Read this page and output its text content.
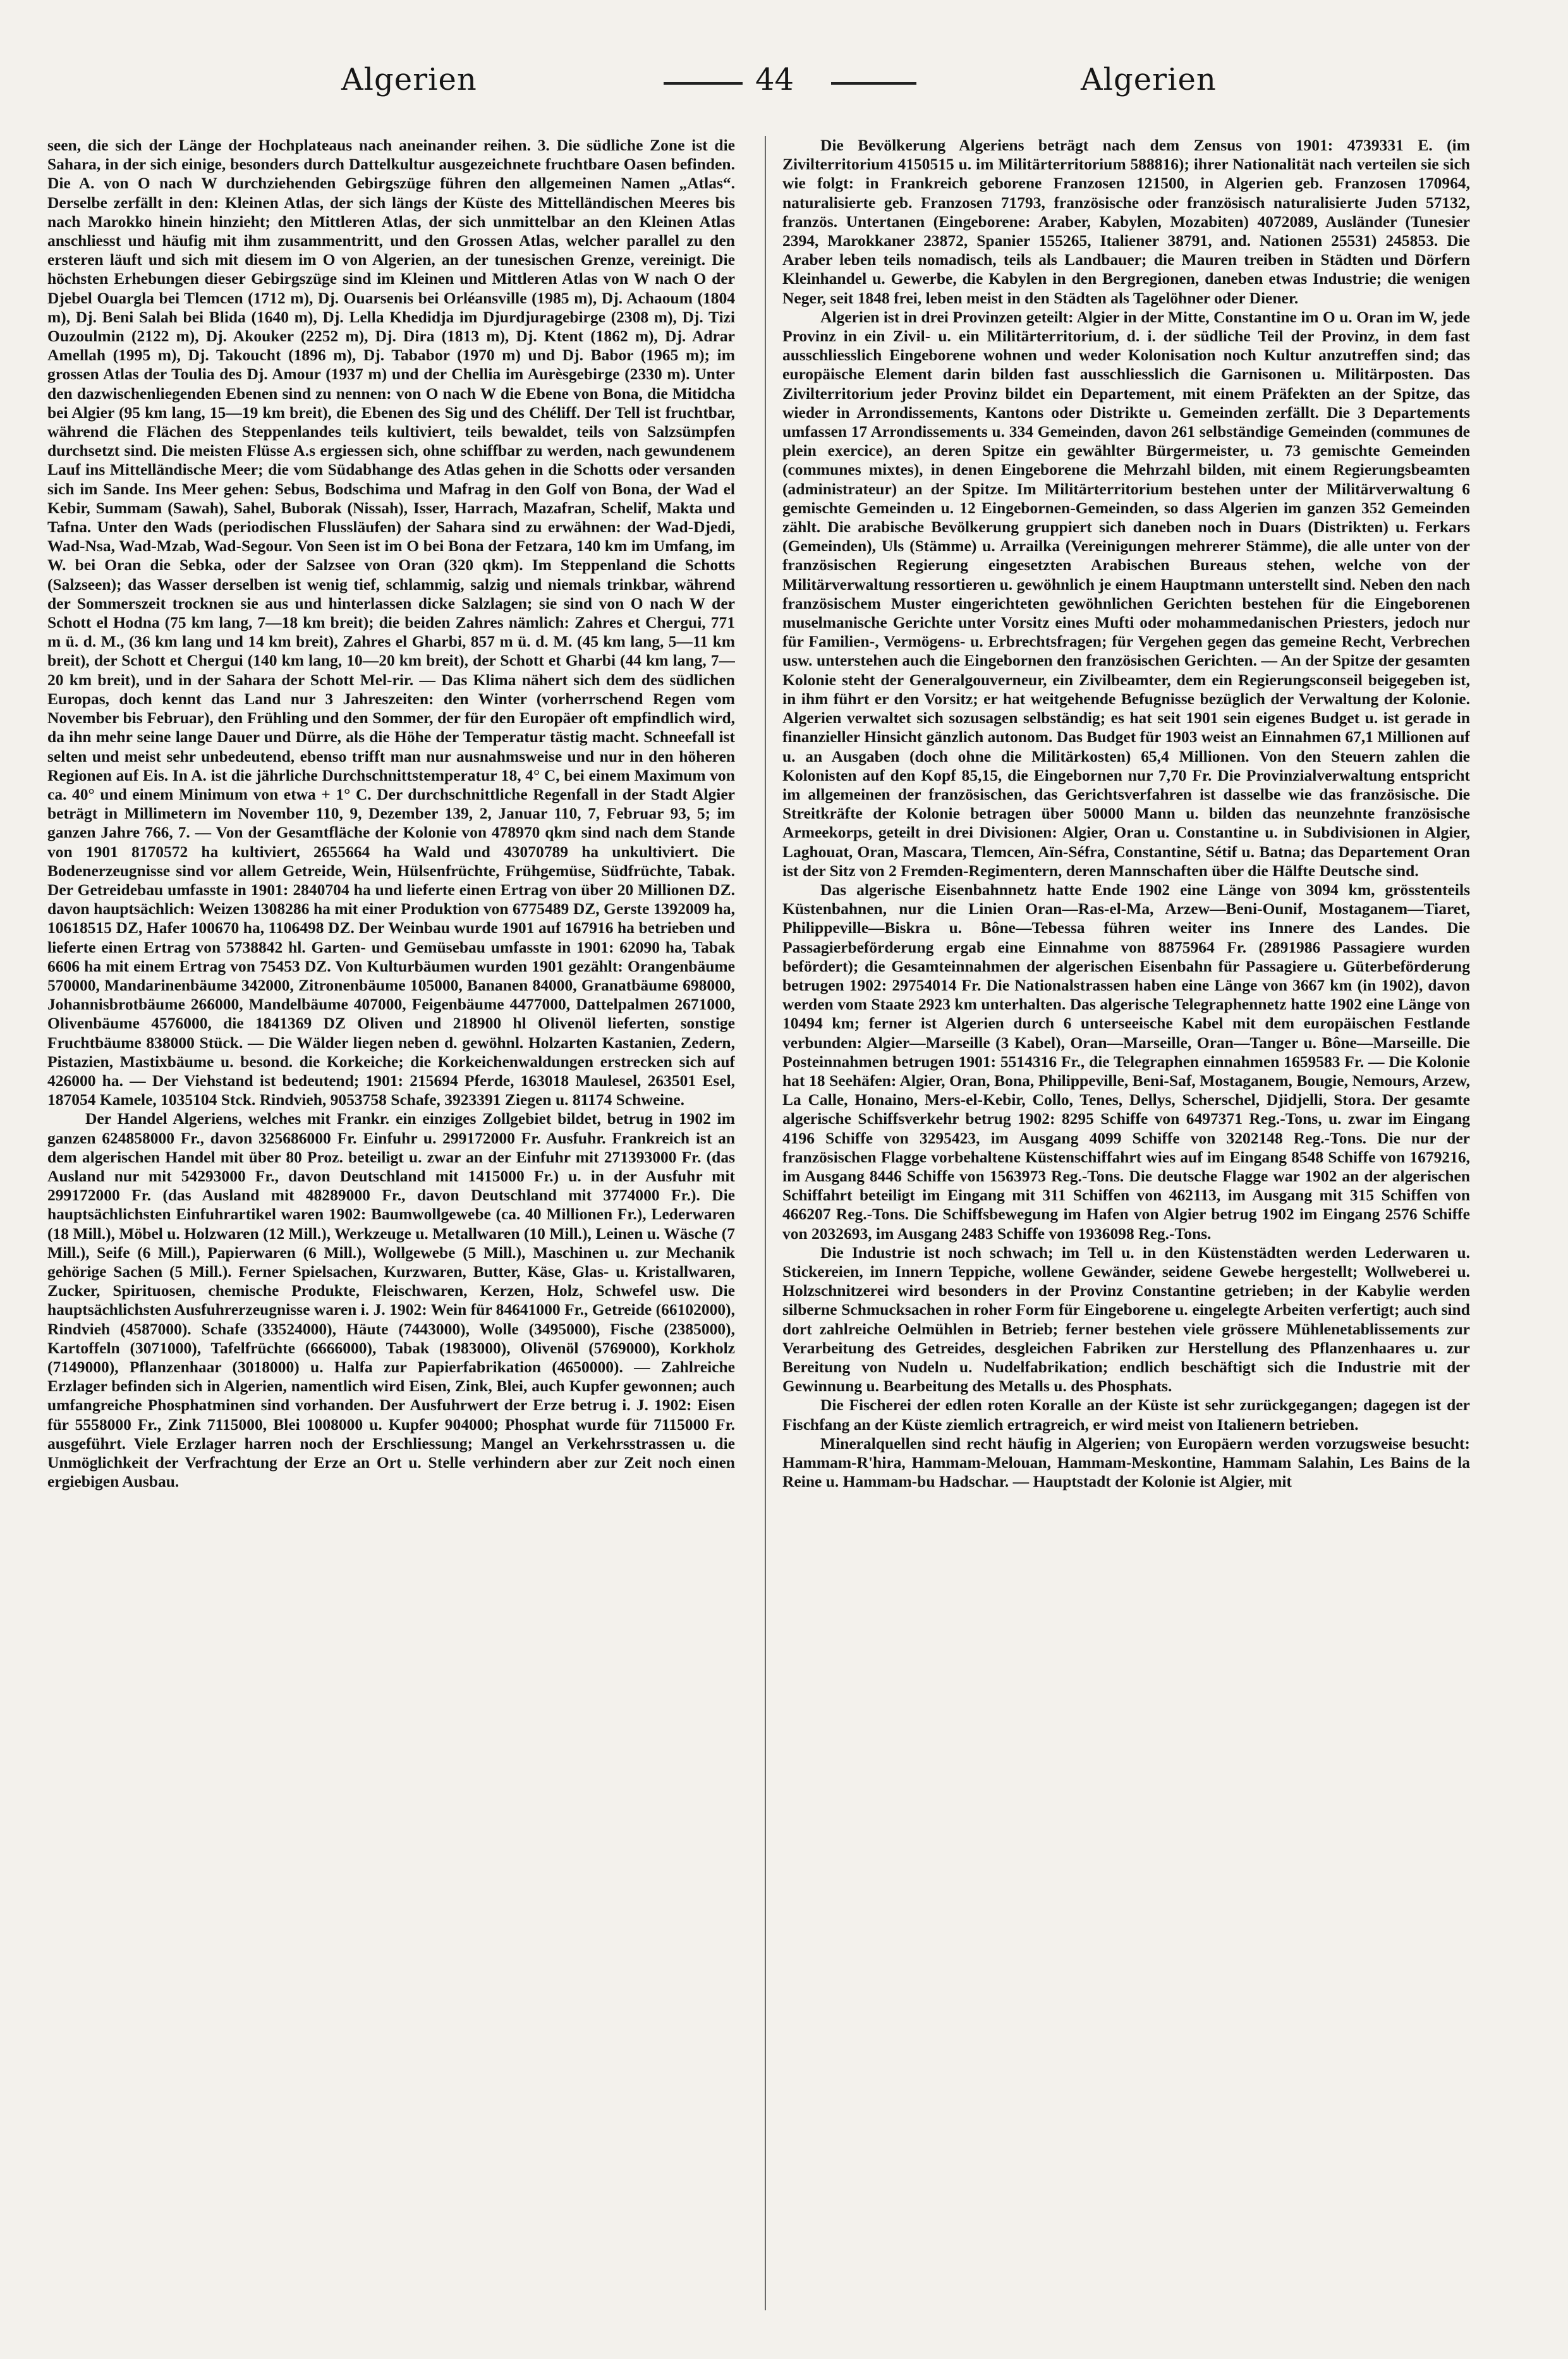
Algerien	44	Algerien

seen, die sich der Länge der Hochplateaus nach aneinander reihen. 3. Die südliche Zone ist die Sahara, in der sich einige, besonders durch Dattelkultur ausgezeichnete fruchtbare Oasen befinden. Die A. von O nach W durchziehenden Gebirgszüge führen den allgemeinen Namen „Atlas“. Derselbe zerfällt in den: Kleinen Atlas, der sich längs der Küste des Mittelländischen Meeres bis nach Marokko hinein hinzieht; den Mittleren Atlas, der sich unmittelbar an den Kleinen Atlas anschliesst und häufig mit ihm zusammentritt, und den Grossen Atlas, welcher parallel zu den ersteren läuft und sich mit diesem im O von Algerien, an der tunesischen Grenze, vereinigt. Die höchsten Erhebungen dieser Gebirgszüge sind im Kleinen und Mittleren Atlas von W nach O der Djebel Ouargla bei Tlemcen (1712 m), Dj. Ouarsenis bei Orléansville (1985 m), Dj. Achaoum (1804 m), Dj. Beni Salah bei Blida (1640 m), Dj. Lella Khedidja im Djurdjuragebirge (2308 m), Dj. Tizi Ouzoulmin (2122 m), Dj. Akouker (2252 m), Dj. Dira (1813 m), Dj. Ktent (1862 m), Dj. Adrar Amellah (1995 m), Dj. Takoucht (1896 m), Dj. Tababor (1970 m) und Dj. Babor (1965 m); im grossen Atlas der Toulia des Dj. Amour (1937 m) und der Chellia im Aurèsgebirge (2330 m). Unter den dazwischenliegenden Ebenen sind zu nennen: von O nach W die Ebene von Bona, die Mitidcha bei Algier (95 km lang, 15—19 km breit), die Ebenen des Sig und des Chéliff. Der Tell ist fruchtbar, während die Flächen des Steppenlandes teils kultiviert, teils bewaldet, teils von Salzsümpfen durchsetzt sind. Die meisten Flüsse A.s ergiessen sich, ohne schiffbar zu werden, nach gewundenem Lauf ins Mittelländische Meer; die vom Südabhange des Atlas gehen in die Schotts oder versanden sich im Sande. Ins Meer gehen: Sebus, Bodschima und Mafrag in den Golf von Bona, der Wad el Kebir, Summam (Sawah), Sahel, Buborak (Nissah), Isser, Harrach, Mazafran, Schelif, Makta und Tafna. Unter den Wads (periodischen Flussläufen) der Sahara sind zu erwähnen: der Wad-Djedi, Wad-Nsa, Wad-Mzab, Wad-Segour. Von Seen ist im O bei Bona der Fetzara, 140 km im Umfang, im W. bei Oran die Sebka, oder der Salzsee von Oran (320 qkm). Im Steppenland die Schotts (Salzseen); das Wasser derselben ist wenig tief, schlammig, salzig und niemals trinkbar, während der Sommerszeit trocknen sie aus und hinterlassen dicke Salzlagen; sie sind von O nach W der Schott el Hodna (75 km lang, 7—18 km breit); die beiden Zahres nämlich: Zahres et Chergui, 771 m ü. d. M., (36 km lang und 14 km breit), Zahres el Gharbi, 857 m ü. d. M. (45 km lang, 5—11 km breit), der Schott et Chergui (140 km lang, 10—20 km breit), der Schott et Gharbi (44 km lang, 7—20 km breit), und in der Sahara der Schott Mel-rir. — Das Klima nähert sich dem des südlichen Europas, doch kennt das Land nur 3 Jahreszeiten: den Winter (vorherrschend Regen vom November bis Februar), den Frühling und den Sommer, der für den Europäer oft empfindlich wird, da ihn mehr seine lange Dauer und Dürre, als die Höhe der Temperatur tästig macht. Schneefall ist selten und meist sehr unbedeutend, ebenso trifft man nur ausnahmsweise und nur in den höheren Regionen auf Eis. In A. ist die jährliche Durchschnittstemperatur 18, 4° C, bei einem Maximum von ca. 40° und einem Minimum von etwa + 1° C. Der durchschnittliche Regenfall in der Stadt Algier beträgt in Millimetern im November 110, 9, Dezember 139, 2, Januar 110, 7, Februar 93, 5; im ganzen Jahre 766, 7. — Von der Gesamtfläche der Kolonie von 478970 qkm sind nach dem Stande von 1901 8170572 ha kultiviert, 2655664 ha Wald und 43070789 ha unkultiviert. Die Bodenerzeugnisse sind vor allem Getreide, Wein, Hülsenfrüchte, Frühgemüse, Südfrüchte, Tabak. Der Getreidebau umfasste in 1901: 2840704 ha und lieferte einen Ertrag von über 20 Millionen DZ. davon hauptsächlich: Weizen 1308286 ha mit einer Produktion von 6775489 DZ, Gerste 1392009 ha, 10618515 DZ, Hafer 100670 ha, 1106498 DZ. Der Weinbau wurde 1901 auf 167916 ha betrieben und lieferte einen Ertrag von 5738842 hl. Garten- und Gemüsebau umfasste in 1901: 62090 ha, Tabak 6606 ha mit einem Ertrag von 75453 DZ. Von Kulturbäumen wurden 1901 gezählt: Orangenbäume 570000, Mandarinenbäume 342000, Zitronenbäume 105000, Bananen 84000, Granatbäume 698000, Johannisbrotbäume 266000, Mandelbäume 407000, Feigenbäume 4477000, Dattelpalmen 2671000, Olivenbäume 4576000, die 1841369 DZ Oliven und 218900 hl Olivenöl lieferten, sonstige Fruchtbäume 838000 Stück. — Die Wälder liegen neben d. gewöhnl. Holzarten Kastanien, Zedern, Pistazien, Mastixbäume u. besond. die Korkeiche; die Korkeichenwaldungen erstrecken sich auf 426000 ha. — Der Viehstand ist bedeutend; 1901: 215694 Pferde, 163018 Maulesel, 263501 Esel, 187054 Kamele, 1035104 Stck. Rindvieh, 9053758 Schafe, 3923391 Ziegen u. 81174 Schweine.

Der Handel Algeriens, welches mit Frankr. ein einziges Zollgebiet bildet, betrug in 1902 im ganzen 624858000 Fr., davon 325686000 Fr. Einfuhr u. 299172000 Fr. Ausfuhr. Frankreich ist an dem algerischen Handel mit über 80 Proz. beteiligt u. zwar an der Einfuhr mit 271393000 Fr. (das Ausland nur mit 54293000 Fr., davon Deutschland mit 1415000 Fr.) u. in der Ausfuhr mit 299172000 Fr. (das Ausland mit 48289000 Fr., davon Deutschland mit 3774000 Fr.). Die hauptsächlichsten Einfuhrartikel waren 1902: Baumwollgewebe (ca. 40 Millionen Fr.), Lederwaren (18 Mill.), Möbel u. Holzwaren (12 Mill.), Werkzeuge u. Metallwaren (10 Mill.), Leinen u. Wäsche (7 Mill.), Seife (6 Mill.), Papierwaren (6 Mill.), Wollgewebe (5 Mill.), Maschinen u. zur Mechanik gehörige Sachen (5 Mill.). Ferner Spielsachen, Kurzwaren, Butter, Käse, Glas- u. Kristallwaren, Zucker, Spirituosen, chemische Produkte, Fleischwaren, Kerzen, Holz, Schwefel usw. Die hauptsächlichsten Ausfuhrerzeugnisse waren i. J. 1902: Wein für 84641000 Fr., Getreide (66102000), Rindvieh (4587000). Schafe (33524000), Häute (7443000), Wolle (3495000), Fische (2385000), Kartoffeln (3071000), Tafelfrüchte (6666000), Tabak (1983000), Olivenöl (5769000), Korkholz (7149000), Pflanzenhaar (3018000) u. Halfa zur Papierfabrikation (4650000). — Zahlreiche Erzlager befinden sich in Algerien, namentlich wird Eisen, Zink, Blei, auch Kupfer gewonnen; auch umfangreiche Phosphatminen sind vorhanden. Der Ausfuhrwert der Erze betrug i. J. 1902: Eisen für 5558000 Fr., Zink 7115000, Blei 1008000 u. Kupfer 904000; Phosphat wurde für 7115000 Fr. ausgeführt. Viele Erzlager harren noch der Erschliessung; Mangel an Verkehrsstrassen u. die Unmöglichkeit der Verfrachtung der Erze an Ort u. Stelle verhindern aber zur Zeit noch einen ergiebigen Ausbau.

Die Bevölkerung Algeriens beträgt nach dem Zensus von 1901: 4739331 E. (im Zivilterritorium 4150515 u. im Militärterritorium 588816); ihrer Nationalität nach verteilen sie sich wie folgt: in Frankreich geborene Franzosen 121500, in Algerien geb. Franzosen 170964, naturalisierte geb. Franzosen 71793, französische oder französisch naturalisierte Juden 57132, französ. Untertanen (Eingeborene: Araber, Kabylen, Mozabiten) 4072089, Ausländer (Tunesier 2394, Marokkaner 23872, Spanier 155265, Italiener 38791, and. Nationen 25531) 245853. Die Araber leben teils nomadisch, teils als Landbauer; die Mauren treiben in Städten und Dörfern Kleinhandel u. Gewerbe, die Kabylen in den Bergregionen, daneben etwas Industrie; die wenigen Neger, seit 1848 frei, leben meist in den Städten als Tagelöhner oder Diener.

Algerien ist in drei Provinzen geteilt: Algier in der Mitte, Constantine im O u. Oran im W, jede Provinz in ein Zivil- u. ein Militärterritorium, d. i. der südliche Teil der Provinz, in dem fast ausschliesslich Eingeborene wohnen und weder Kolonisation noch Kultur anzutreffen sind; das europäische Element darin bilden fast ausschliesslich die Garnisonen u. Militärposten. Das Zivilterritorium jeder Provinz bildet ein Departement, mit einem Präfekten an der Spitze, das wieder in Arrondissements, Kantons oder Distrikte u. Gemeinden zerfällt. Die 3 Departements umfassen 17 Arrondissements u. 334 Gemeinden, davon 261 selbständige Gemeinden (communes de plein exercice), an deren Spitze ein gewählter Bürgermeister, u. 73 gemischte Gemeinden (communes mixtes), in denen Eingeborene die Mehrzahl bilden, mit einem Regierungsbeamten (administrateur) an der Spitze. Im Militärterritorium bestehen unter der Militärverwaltung 6 gemischte Gemeinden u. 12 Eingebornen-Gemeinden, so dass Algerien im ganzen 352 Gemeinden zählt. Die arabische Bevölkerung gruppiert sich daneben noch in Duars (Distrikten) u. Ferkars (Gemeinden), Uls (Stämme) u. Arrailka (Vereinigungen mehrerer Stämme), die alle unter von der französischen Regierung eingesetzten Arabischen Bureaus stehen, welche von der Militärverwaltung ressortieren u. gewöhnlich je einem Hauptmann unterstellt sind. Neben den nach französischem Muster eingerichteten gewöhnlichen Gerichten bestehen für die Eingeborenen muselmanische Gerichte unter Vorsitz eines Mufti oder mohammedanischen Priesters, jedoch nur für Familien-, Vermögens- u. Erbrechtsfragen; für Vergehen gegen das gemeine Recht, Verbrechen usw. unterstehen auch die Eingebornen den französischen Gerichten. — An der Spitze der gesamten Kolonie steht der Generalgouverneur, ein Zivilbeamter, dem ein Regierungsconseil beigegeben ist, in ihm führt er den Vorsitz; er hat weitgehende Befugnisse bezüglich der Verwaltung der Kolonie. Algerien verwaltet sich sozusagen selbständig; es hat seit 1901 sein eigenes Budget u. ist gerade in finanzieller Hinsicht gänzlich autonom. Das Budget für 1903 weist an Einnahmen 67,1 Millionen auf u. an Ausgaben (doch ohne die Militärkosten) 65,4 Millionen. Von den Steuern zahlen die Kolonisten auf den Kopf 85,15, die Eingebornen nur 7,70 Fr. Die Provinzialverwaltung entspricht im allgemeinen der französischen, das Gerichtsverfahren ist dasselbe wie das französische. Die Streitkräfte der Kolonie betragen über 50000 Mann u. bilden das neunzehnte französische Armeekorps, geteilt in drei Divisionen: Algier, Oran u. Constantine u. in Subdivisionen in Algier, Laghouat, Oran, Mascara, Tlemcen, Aïn-Séfra, Constantine, Sétif u. Batna; das Departement Oran ist der Sitz von 2 Fremden-Regimentern, deren Mannschaften über die Hälfte Deutsche sind.

Das algerische Eisenbahnnetz hatte Ende 1902 eine Länge von 3094 km, grösstenteils Küstenbahnen, nur die Linien Oran—Ras-el-Ma, Arzew—Beni-Ounif, Mostaganem—Tiaret, Philippeville—Biskra u. Bône—Tebessa führen weiter ins Innere des Landes. Die Passagierbeförderung ergab eine Einnahme von 8875964 Fr. (2891986 Passagiere wurden befördert); die Gesamteinnahmen der algerischen Eisenbahn für Passagiere u. Güterbeförderung betrugen 1902: 29754014 Fr. Die Nationalstrassen haben eine Länge von 3667 km (in 1902), davon werden vom Staate 2923 km unterhalten. Das algerische Telegraphennetz hatte 1902 eine Länge von 10494 km; ferner ist Algerien durch 6 unterseeische Kabel mit dem europäischen Festlande verbunden: Algier—Marseille (3 Kabel), Oran—Marseille, Oran—Tanger u. Bône—Marseille. Die Posteinnahmen betrugen 1901: 5514316 Fr., die Telegraphen einnahmen 1659583 Fr. — Die Kolonie hat 18 Seehäfen: Algier, Oran, Bona, Philippeville, Beni-Saf, Mostaganem, Bougie, Nemours, Arzew, La Calle, Honaino, Mers-el-Kebir, Collo, Tenes, Dellys, Scherschel, Djidjelli, Stora. Der gesamte algerische Schiffsverkehr betrug 1902: 8295 Schiffe von 6497371 Reg.-Tons, u. zwar im Eingang 4196 Schiffe von 3295423, im Ausgang 4099 Schiffe von 3202148 Reg.-Tons. Die nur der französischen Flagge vorbehaltene Küstenschiffahrt wies auf im Eingang 8548 Schiffe von 1679216, im Ausgang 8446 Schiffe von 1563973 Reg.-Tons. Die deutsche Flagge war 1902 an der algerischen Schiffahrt beteiligt im Eingang mit 311 Schiffen von 462113, im Ausgang mit 315 Schiffen von 466207 Reg.-Tons. Die Schiffsbewegung im Hafen von Algier betrug 1902 im Eingang 2576 Schiffe von 2032693, im Ausgang 2483 Schiffe von 1936098 Reg.-Tons.

Die Industrie ist noch schwach; im Tell u. in den Küstenstädten werden Lederwaren u. Stickereien, im Innern Teppiche, wollene Gewänder, seidene Gewebe hergestellt; Wollweberei u. Holzschnitzerei wird besonders in der Provinz Constantine getrieben; in der Kabylie werden silberne Schmucksachen in roher Form für Eingeborene u. eingelegte Arbeiten verfertigt; auch sind dort zahlreiche Oelmühlen in Betrieb; ferner bestehen viele grössere Mühlenetablissements zur Verarbeitung des Getreides, desgleichen Fabriken zur Herstellung des Pflanzenhaares u. zur Bereitung von Nudeln u. Nudelfabrikation; endlich beschäftigt sich die Industrie mit der Gewinnung u. Bearbeitung des Metalls u. des Phosphats.

Die Fischerei der edlen roten Koralle an der Küste ist sehr zurückgegangen; dagegen ist der Fischfang an der Küste ziemlich ertragreich, er wird meist von Italienern betrieben.

Mineralquellen sind recht häufig in Algerien; von Europäern werden vorzugsweise besucht: Hammam-R'hira, Hammam-Melouan, Hammam-Meskontine, Hammam Salahin, Les Bains de la Reine u. Hammam-bu Hadschar. — Hauptstadt der Kolonie ist Algier, mit
